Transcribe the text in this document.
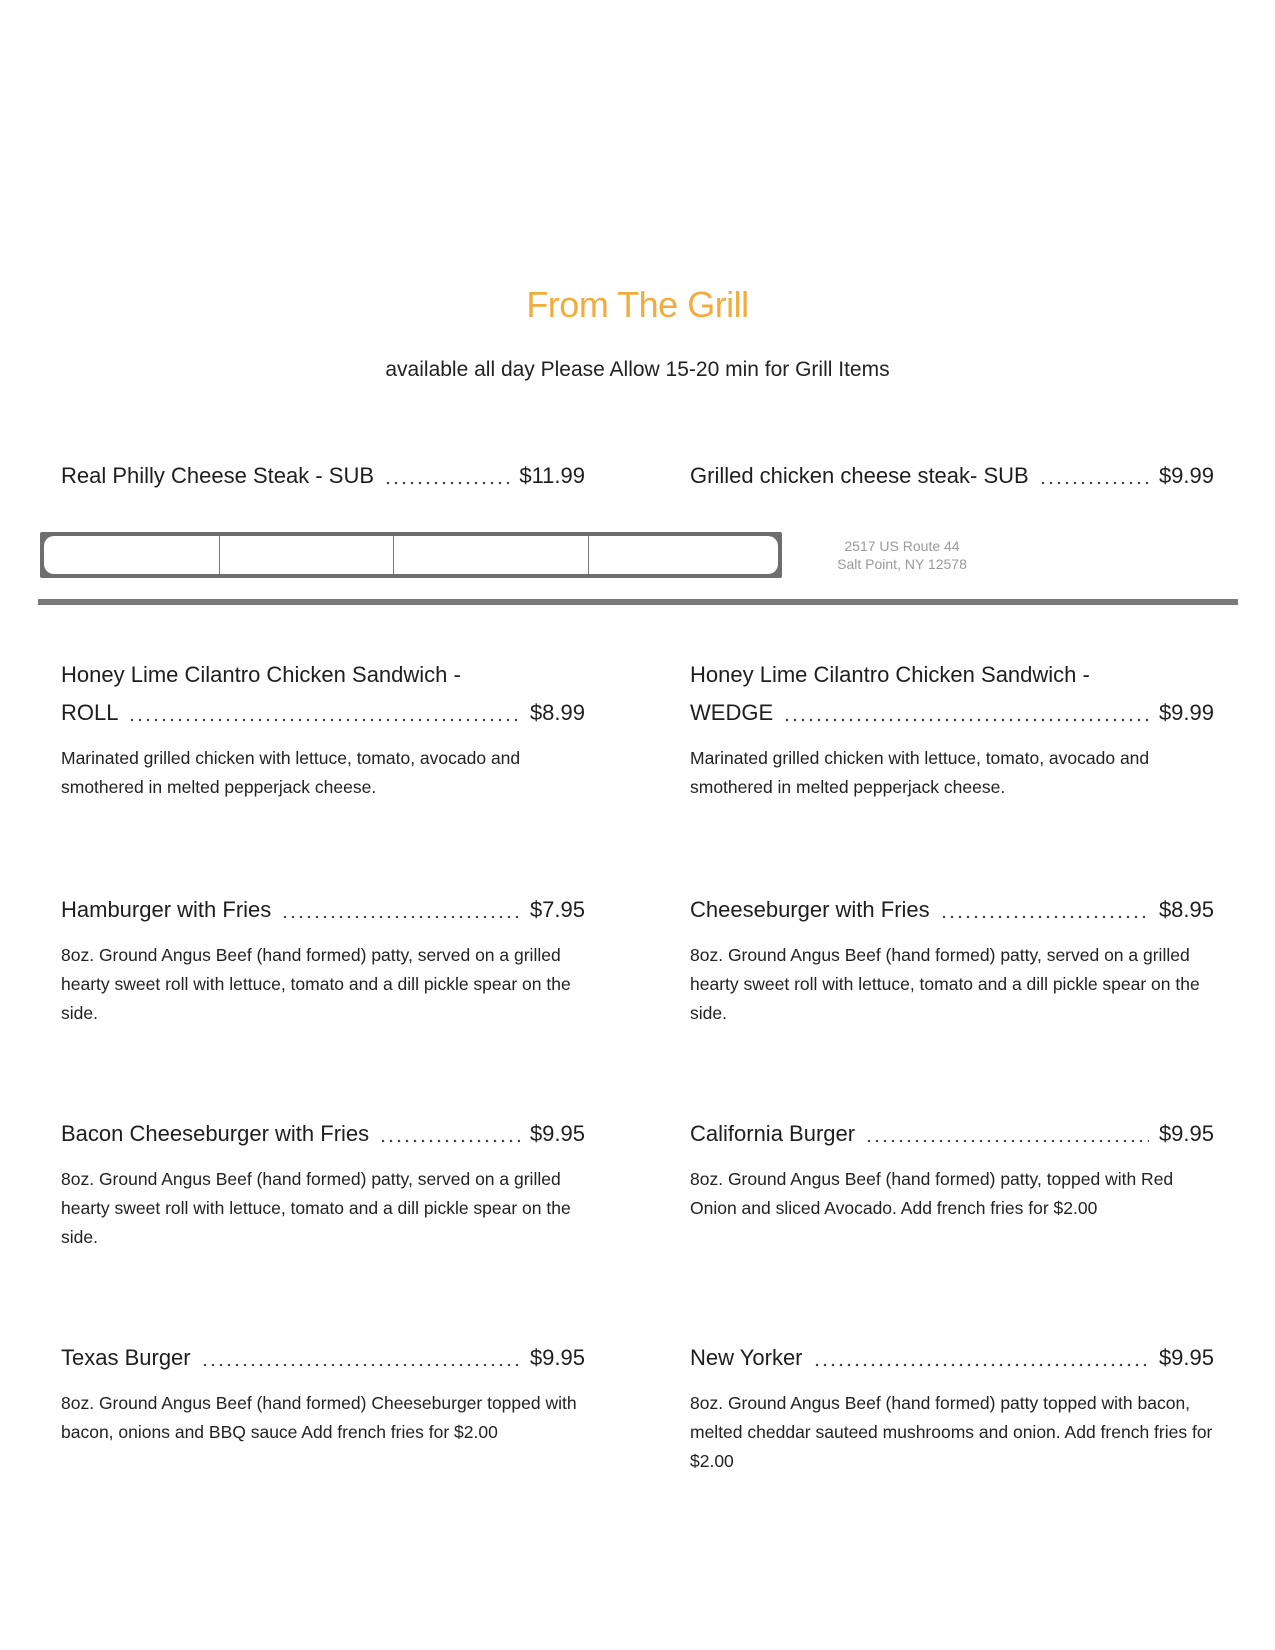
From The Grill
available all day Please Allow 15-20 min for Grill Items
Real Philly Cheese Steak - SUB	$11.99	Grilled chicken cheese steak- SUB	$9.99
2517 US Route 44
Salt Point, NY 12578
Honey Lime Cilantro Chicken Sandwich -
ROLL	$8.99
Marinated grilled chicken with lettuce, tomato, avocado and smothered in melted pepperjack cheese.
Honey Lime Cilantro Chicken Sandwich -
WEDGE	$9.99
Marinated grilled chicken with lettuce, tomato, avocado and smothered in melted pepperjack cheese.
Hamburger with Fries	$7.95
8oz. Ground Angus Beef (hand formed) patty, served on a grilled hearty sweet roll with lettuce, tomato and a dill pickle spear on the side.
Cheeseburger with Fries	$8.95
8oz. Ground Angus Beef (hand formed) patty, served on a grilled hearty sweet roll with lettuce, tomato and a dill pickle spear on the side.
Bacon Cheeseburger with Fries	$9.95
8oz. Ground Angus Beef (hand formed) patty, served on a grilled hearty sweet roll with lettuce, tomato and a dill pickle spear on the side.
California Burger	$9.95
8oz. Ground Angus Beef (hand formed) patty, topped with Red Onion and sliced Avocado. Add french fries for $2.00
Texas Burger	$9.95
8oz. Ground Angus Beef (hand formed) Cheeseburger topped with bacon, onions and BBQ sauce Add french fries for $2.00
New Yorker	$9.95
8oz. Ground Angus Beef (hand formed) patty topped with bacon, melted cheddar sauteed mushrooms and onion. Add french fries for $2.00
